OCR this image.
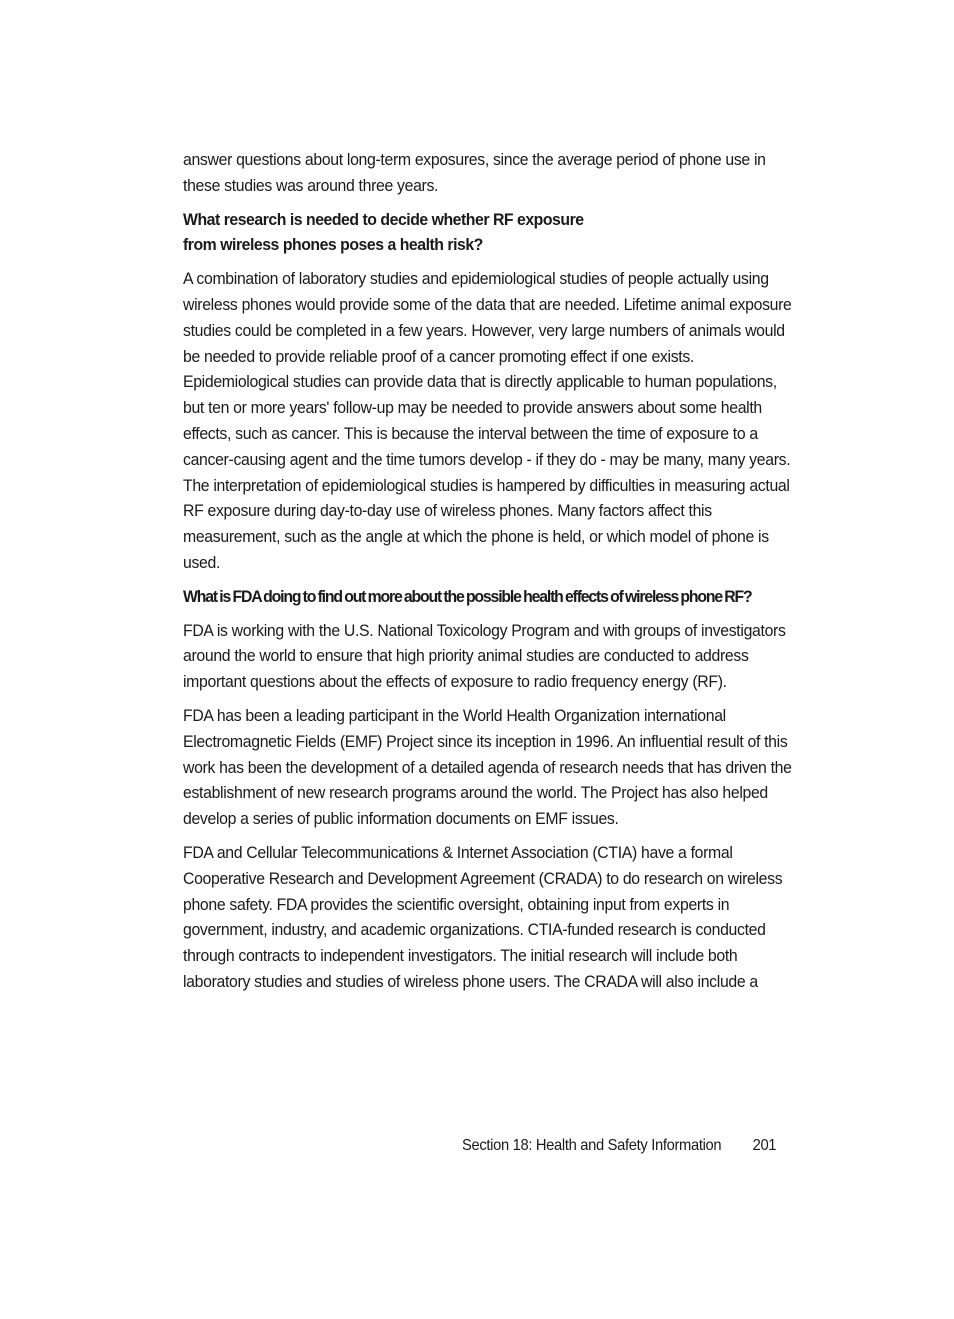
answer questions about long-term exposures, since the average period of phone use in these studies was around three years.

What research is needed to decide whether RF exposure
from wireless phones poses a health risk?

A combination of laboratory studies and epidemiological studies of people actually using wireless phones would provide some of the data that are needed. Lifetime animal exposure studies could be completed in a few years. However, very large numbers of animals would be needed to provide reliable proof of a cancer promoting effect if one exists. Epidemiological studies can provide data that is directly applicable to human populations, but ten or more years' follow-up may be needed to provide answers about some health effects, such as cancer. This is because the interval between the time of exposure to a cancer-causing agent and the time tumors develop - if they do - may be many, many years. The interpretation of epidemiological studies is hampered by difficulties in measuring actual RF exposure during day-to-day use of wireless phones. Many factors affect this measurement, such as the angle at which the phone is held, or which model of phone is used.

What is FDA doing to find out more about the possible health effects of wireless phone RF?

FDA is working with the U.S. National Toxicology Program and with groups of investigators around the world to ensure that high priority animal studies are conducted to address important questions about the effects of exposure to radio frequency energy (RF).

FDA has been a leading participant in the World Health Organization international Electromagnetic Fields (EMF) Project since its inception in 1996. An influential result of this work has been the development of a detailed agenda of research needs that has driven the establishment of new research programs around the world. The Project has also helped develop a series of public information documents on EMF issues.

FDA and Cellular Telecommunications & Internet Association (CTIA) have a formal Cooperative Research and Development Agreement (CRADA) to do research on wireless phone safety. FDA provides the scientific oversight, obtaining input from experts in government, industry, and academic organizations. CTIA-funded research is conducted through contracts to independent investigators. The initial research will include both laboratory studies and studies of wireless phone users. The CRADA will also include a

Section 18: Health and Safety Information 201
